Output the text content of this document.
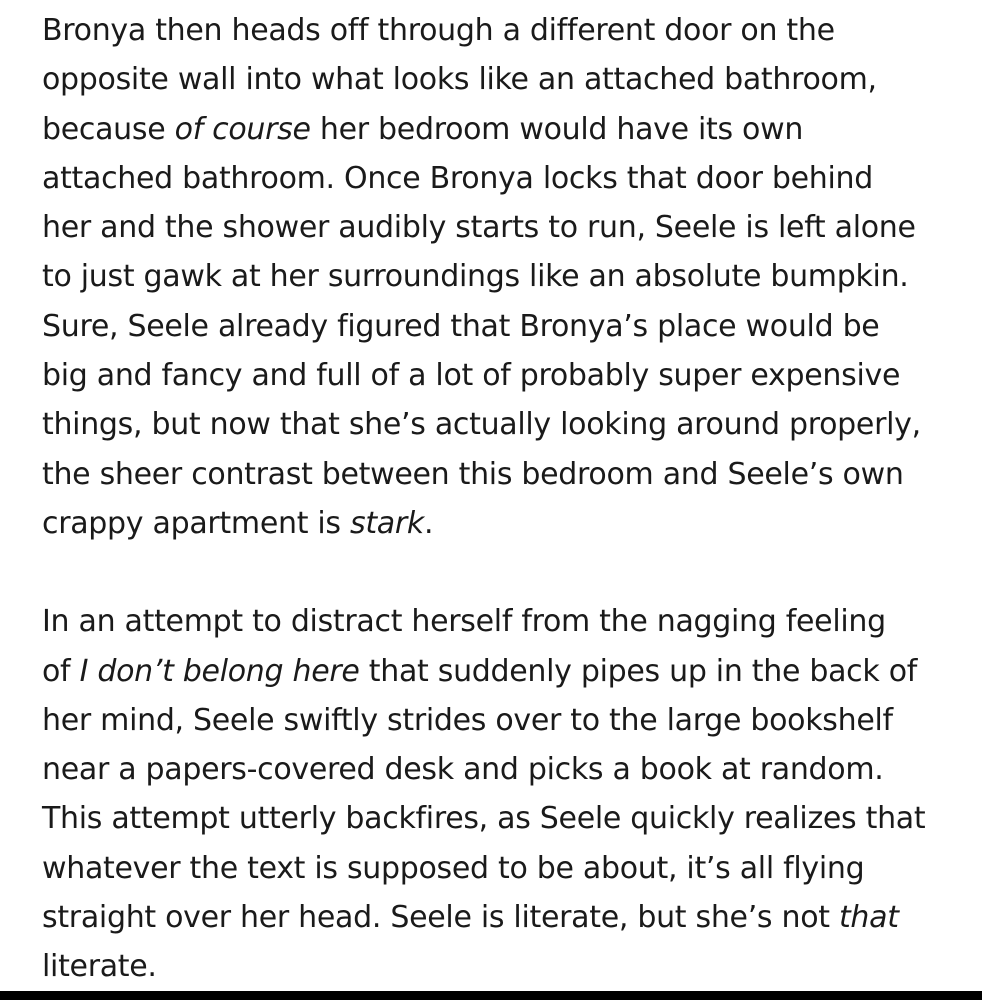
Bronya then heads off through a different door on the
opposite wall into what looks like an attached bathroom,
because of course her bedroom would have its own
attached bathroom. Once Bronya locks that door behind
her and the shower audibly starts to run, Seele is left alone
to just gawk at her surroundings like an absolute bumpkin.
Sure, Seele already figured that Bronya’s place would be
big and fancy and full of a lot of probably super expensive
things, but now that she’s actually looking around properly,
the sheer contrast between this bedroom and Seele’s own
crappy apartment is stark.

In an attempt to distract herself from the nagging feeling
of I don’t belong here that suddenly pipes up in the back of
her mind, Seele swiftly strides over to the large bookshelf
near a papers-covered desk and picks a book at random.
This attempt utterly backfires, as Seele quickly realizes that
whatever the text is supposed to be about, it’s all flying
straight over her head. Seele is literate, but she’s not that
literate.
